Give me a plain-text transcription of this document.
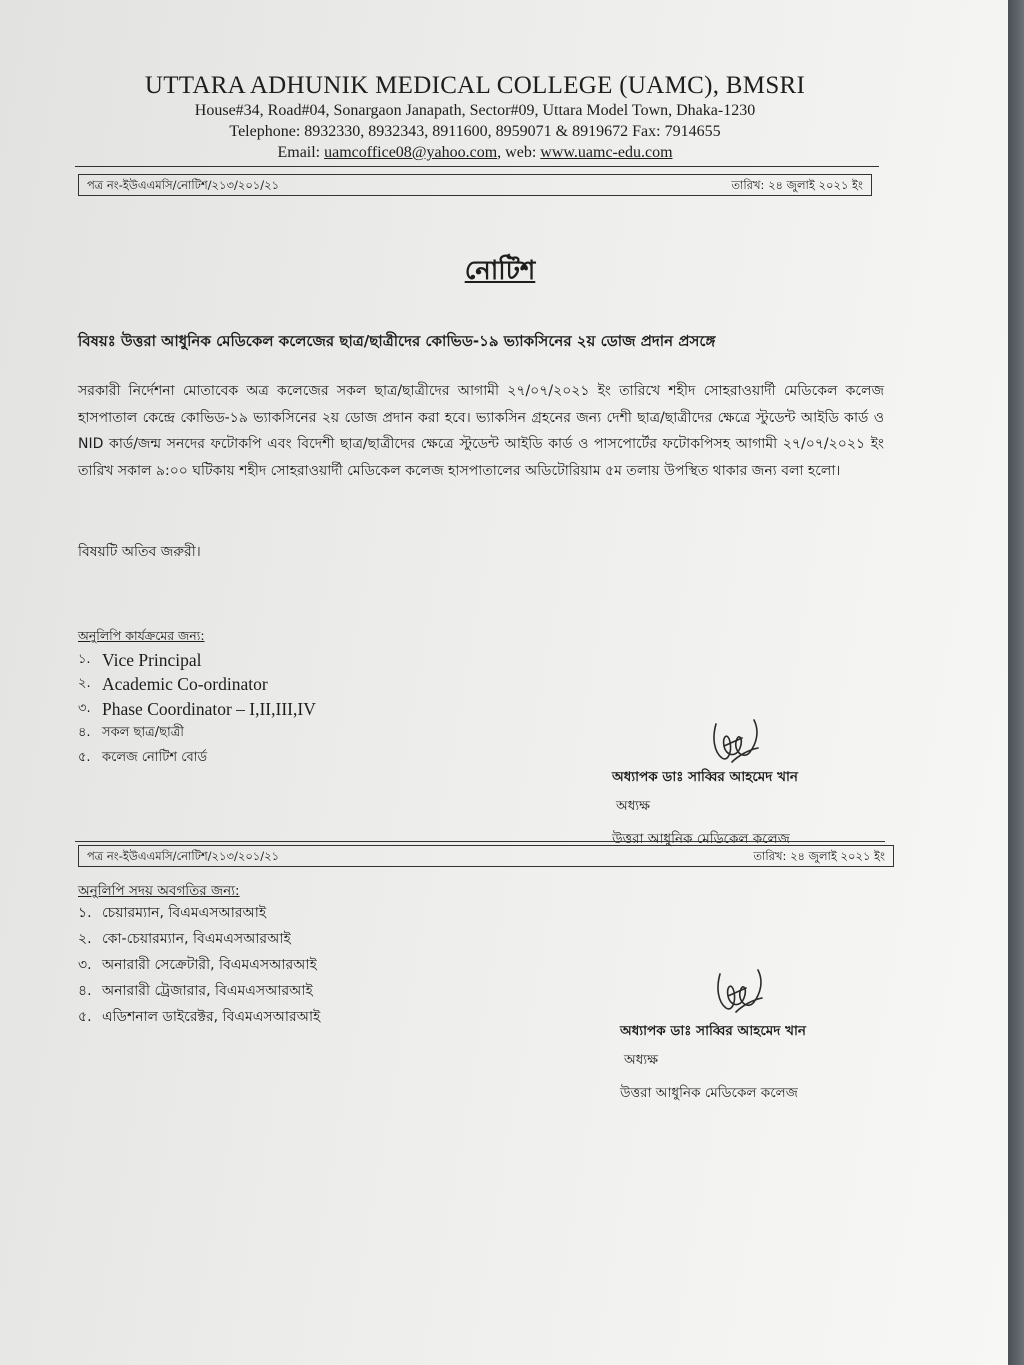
UTTARA ADHUNIK MEDICAL COLLEGE (UAMC), BMSRI
House#34, Road#04, Sonargaon Janapath, Sector#09, Uttara Model Town, Dhaka-1230
Telephone: 8932330, 8932343, 8911600, 8959071 & 8919672 Fax: 7914655
Email: uamcoffice08@yahoo.com, web: www.uamc-edu.com
পত্র নং-ইউএএমসি/নোটিশ/২১৩/২০১/২১	তারিখ: ২৪ জুলাই ২০২১ ইং
নোটিশ
বিষয়ঃ উত্তরা আধুনিক মেডিকেল কলেজের ছাত্র/ছাত্রীদের কোভিড-১৯ ভ্যাকসিনের ২য় ডোজ প্রদান প্রসঙ্গে
সরকারী নির্দেশনা মোতাবেক অত্র কলেজের সকল ছাত্র/ছাত্রীদের আগামী ২৭/০৭/২০২১ ইং তারিখে শহীদ সোহরাওয়ার্দী মেডিকেল কলেজ হাসপাতাল কেন্দ্রে কোভিড-১৯ ভ্যাকসিনের ২য় ডোজ প্রদান করা হবে। ভ্যাকসিন গ্রহনের জন্য দেশী ছাত্র/ছাত্রীদের ক্ষেত্রে স্টুডেন্ট আইডি কার্ড ও NID কার্ড/জন্ম সনদের ফটোকপি এবং বিদেশী ছাত্র/ছাত্রীদের ক্ষেত্রে স্টুডেন্ট আইডি কার্ড ও পাসপোর্টের ফটোকপিসহ আগামী ২৭/০৭/২০২১ ইং তারিখ সকাল ৯:০০ ঘটিকায় শহীদ সোহরাওয়ার্দী মেডিকেল কলেজ হাসপাতালের অডিটোরিয়াম ৫ম তলায় উপস্থিত থাকার জন্য বলা হলো।
বিষয়টি অতিব জরুরী।
অনুলিপি কার্যক্রমের জন্য:
১. Vice Principal
২. Academic Co-ordinator
৩. Phase Coordinator – I,II,III,IV
৪. সকল ছাত্র/ছাত্রী
৫. কলেজ নোটিশ বোর্ড
অধ্যাপক ডাঃ সাব্বির আহমেদ খান
অধ্যক্ষ
উত্তরা আধুনিক মেডিকেল কলেজ
পত্র নং-ইউএএমসি/নোটিশ/২১৩/২০১/২১	তারিখ: ২৪ জুলাই ২০২১ ইং
অনুলিপি সদয় অবগতির জন্য:
১. চেয়ারম্যান, বিএমএসআরআই
২. কো-চেয়ারম্যান, বিএমএসআরআই
৩. অনারারী সেক্রেটারী, বিএমএসআরআই
৪. অনারারী ট্রেজারার, বিএমএসআরআই
৫. এডিশনাল ডাইরেক্টর, বিএমএসআরআই
অধ্যাপক ডাঃ সাব্বির আহমেদ খান
অধ্যক্ষ
উত্তরা আধুনিক মেডিকেল কলেজ
